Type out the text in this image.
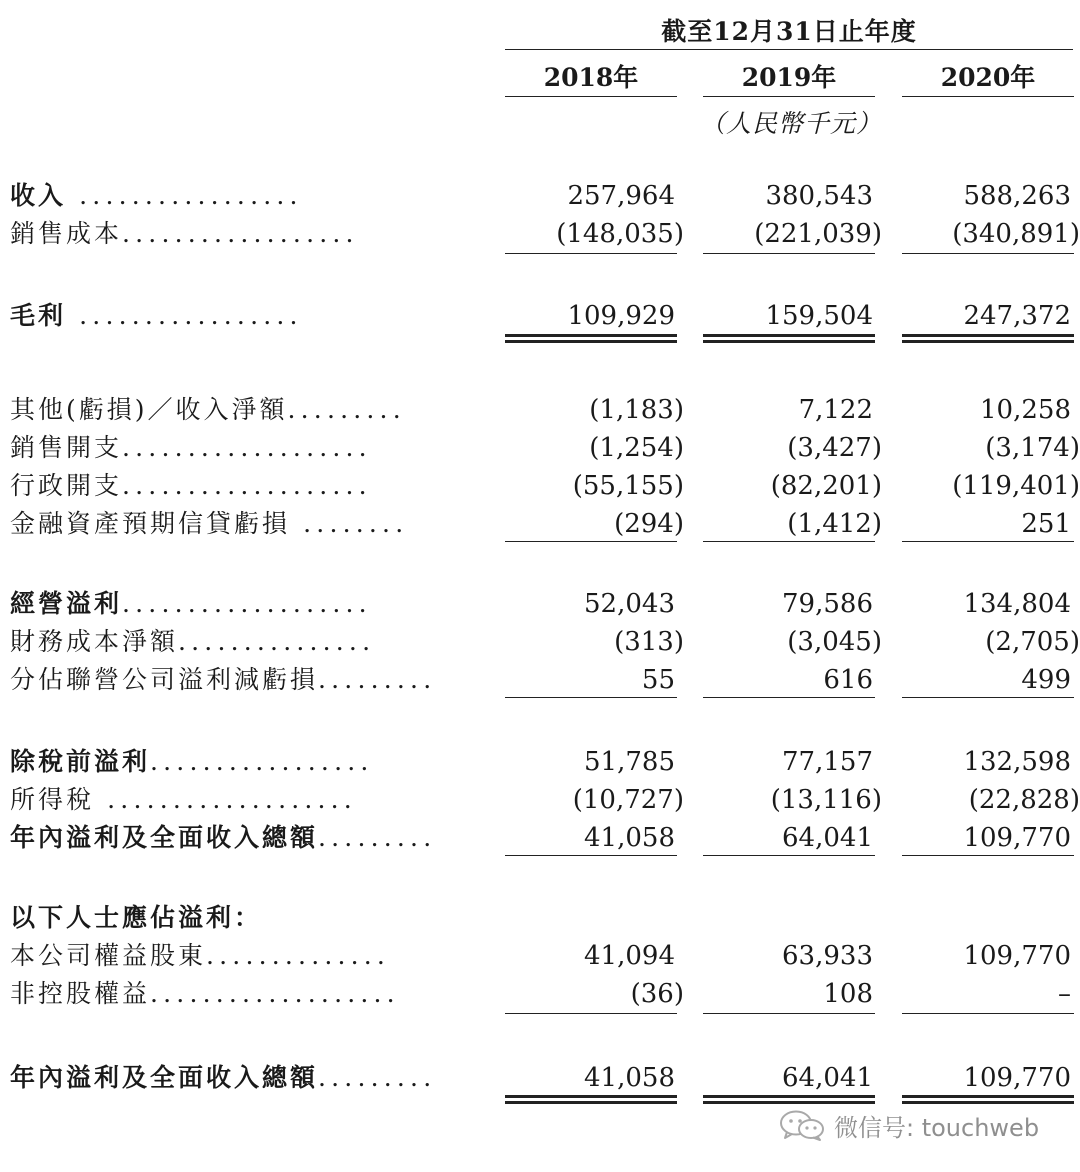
截至12月31日止年度
2018年	2019年	2020年
（人民幣千元）
收入 .................	257,964	380,543	588,263
銷售成本..................	(148,035)	(221,039)	(340,891)
毛利 .................	109,929	159,504	247,372
其他(虧損)／收入淨額.........	(1,183)	7,122	10,258
銷售開支...................	(1,254)	(3,427)	(3,174)
行政開支...................	(55,155)	(82,201)	(119,401)
金融資產預期信貸虧損 ........	(294)	(1,412)	251
經營溢利...................	52,043	79,586	134,804
財務成本淨額...............	(313)	(3,045)	(2,705)
分佔聯營公司溢利減虧損.........	55	616	499
除稅前溢利.................	51,785	77,157	132,598
所得稅 ...................	(10,727)	(13,116)	(22,828)
年內溢利及全面收入總額.........	41,058	64,041	109,770
以下人士應佔溢利：
本公司權益股東..............	41,094	63,933	109,770
非控股權益...................	(36)	108	–
年內溢利及全面收入總額.........	41,058	64,041	109,770
微信号: touchweb
